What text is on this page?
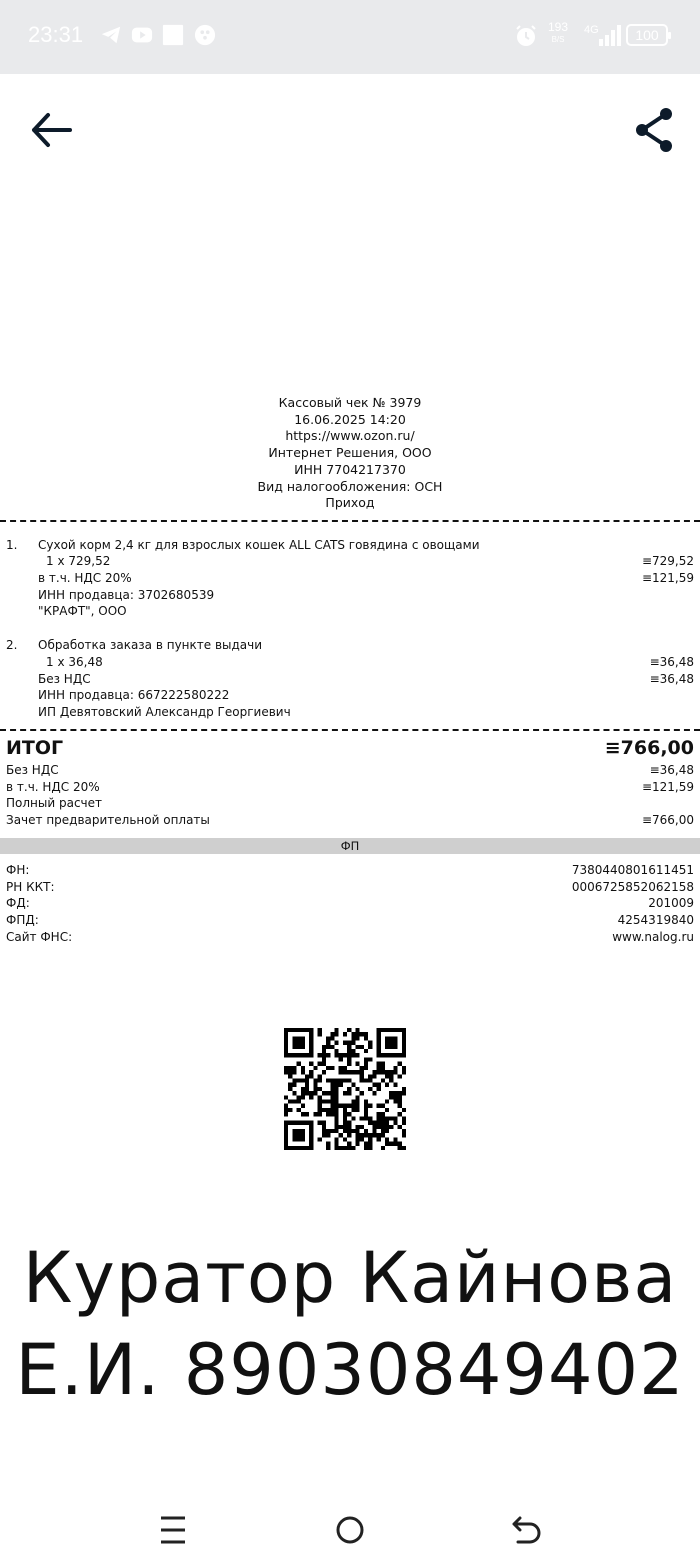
23:31	193
B/S
4G	100
Кассовый чек № 3979
16.06.2025 14:20
https://www.ozon.ru/
Интернет Решения, ООО
ИНН 7704217370
Вид налогообложения: ОСН
Приход
1. Сухой корм 2,4 кг для взрослых кошек ALL CATS говядина с овощами
1 x 729,52	≡729,52
в т.ч. НДС 20%	≡121,59
ИНН продавца: 3702680539
"КРАФТ", ООО
2. Обработка заказа в пункте выдачи
1 x 36,48	≡36,48
Без НДС	≡36,48
ИНН продавца: 667222580222
ИП Девятовский Александр Георгиевич
ИТОГ	≡766,00
Без НДС	≡36,48
в т.ч. НДС 20%	≡121,59
Полный расчет
Зачет предварительной оплаты	≡766,00
ФП
ФН:	7380440801611451
РН ККТ:	0006725852062158
ФД:	201009
ФПД:	4254319840
Сайт ФНС:	www.nalog.ru
Куратор Кайнова
Е.И. 89030849402
